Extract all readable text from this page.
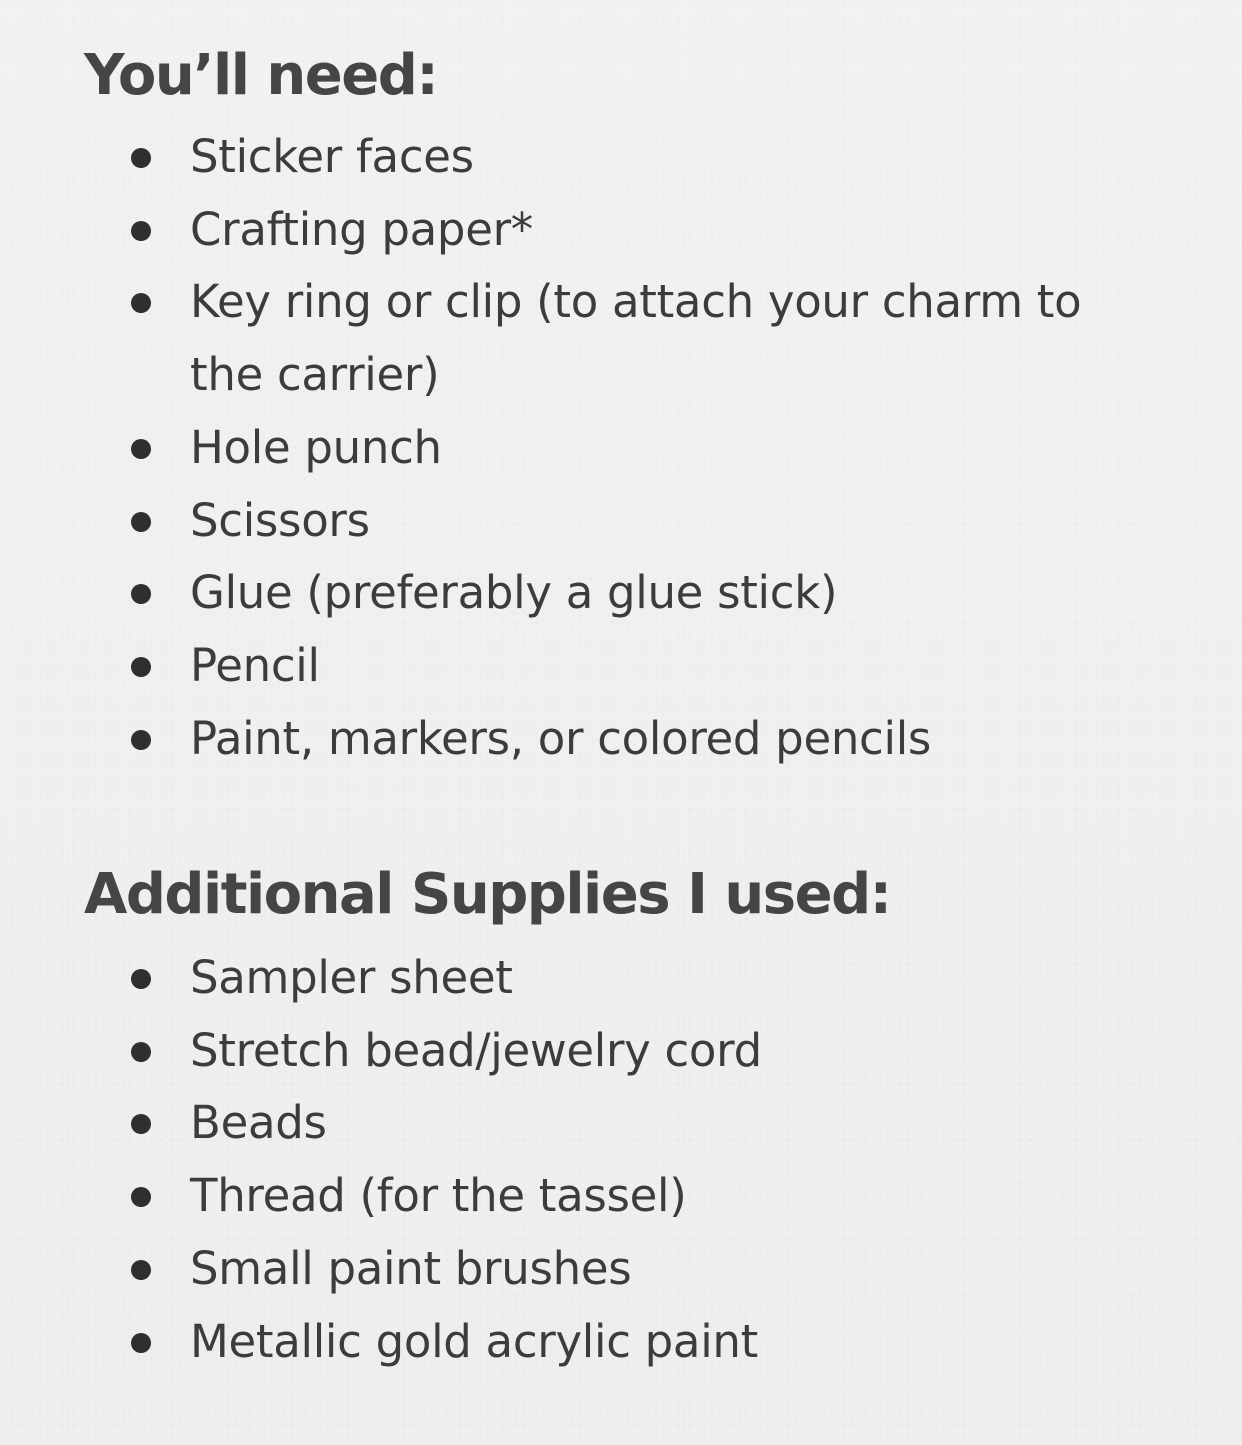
You’ll need:
Sticker faces
Crafting paper*
Key ring or clip (to attach your charm to the carrier)
Hole punch
Scissors
Glue (preferably a glue stick)
Pencil
Paint, markers, or colored pencils
Additional Supplies I used:
Sampler sheet
Stretch bead/jewelry cord
Beads
Thread (for the tassel)
Small paint brushes
Metallic gold acrylic paint
